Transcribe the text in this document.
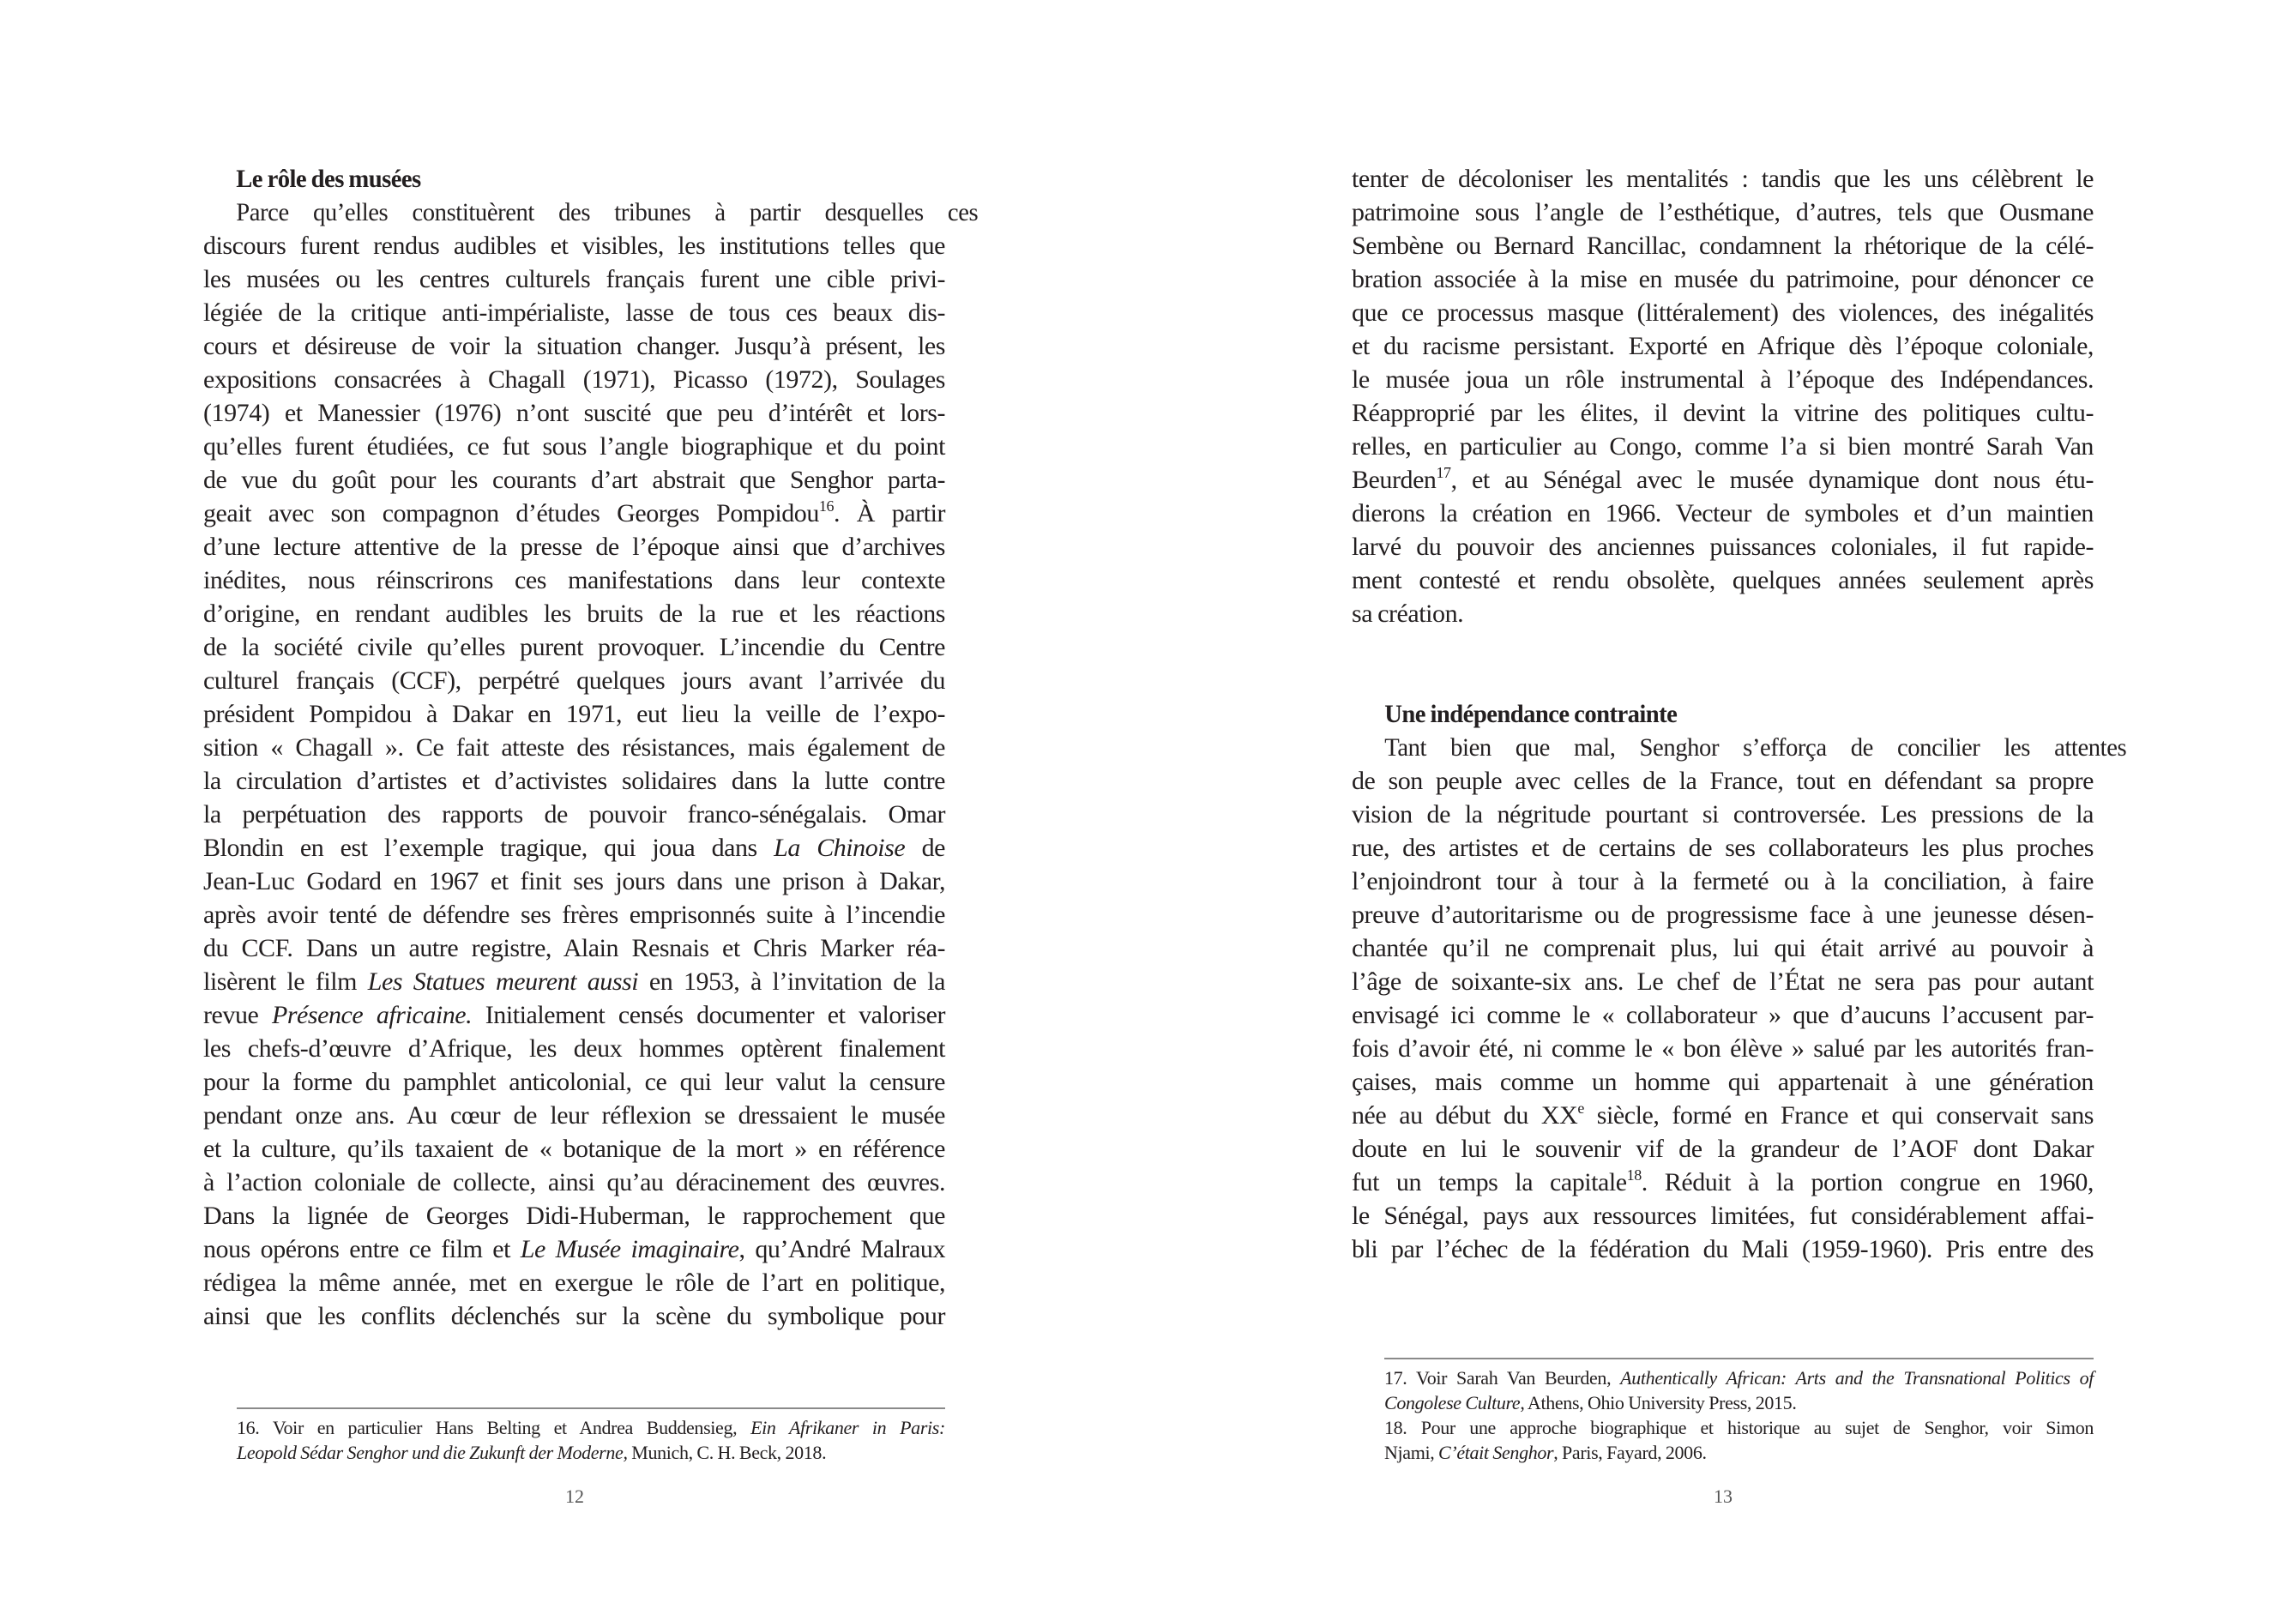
Le rôle des musées
Parce qu’elles constituèrent des tribunes à partir desquelles ces
discours furent rendus audibles et visibles, les institutions telles que
les musées ou les centres culturels français furent une cible privi-
légiée de la critique anti-impérialiste, lasse de tous ces beaux dis-
cours et désireuse de voir la situation changer. Jusqu’à présent, les
expositions consacrées à Chagall (1971), Picasso (1972), Soulages
(1974) et Manessier (1976) n’ont suscité que peu d’intérêt et lors-
qu’elles furent étudiées, ce fut sous l’angle biographique et du point
de vue du goût pour les courants d’art abstrait que Senghor parta-
geait avec son compagnon d’études Georges Pompidou$^{16}$. À partir
d’une lecture attentive de la presse de l’époque ainsi que d’archives
inédites, nous réinscrirons ces manifestations dans leur contexte
d’origine, en rendant audibles les bruits de la rue et les réactions
de la société civile qu’elles purent provoquer. L’incendie du Centre
culturel français (CCF), perpétré quelques jours avant l’arrivée du
président Pompidou à Dakar en 1971, eut lieu la veille de l’expo-
sition « Chagall ». Ce fait atteste des résistances, mais également de
la circulation d’artistes et d’activistes solidaires dans la lutte contre
la perpétuation des rapports de pouvoir franco-sénégalais. Omar
Blondin en est l’exemple tragique, qui joua dans La Chinoise de
Jean-Luc Godard en 1967 et finit ses jours dans une prison à Dakar,
après avoir tenté de défendre ses frères emprisonnés suite à l’incendie
du CCF. Dans un autre registre, Alain Resnais et Chris Marker réa-
lisèrent le film Les Statues meurent aussi en 1953, à l’invitation de la
revue Présence africaine. Initialement censés documenter et valoriser
les chefs-d’œuvre d’Afrique, les deux hommes optèrent finalement
pour la forme du pamphlet anticolonial, ce qui leur valut la censure
pendant onze ans. Au cœur de leur réflexion se dressaient le musée
et la culture, qu’ils taxaient de « botanique de la mort » en référence
à l’action coloniale de collecte, ainsi qu’au déracinement des œuvres.
Dans la lignée de Georges Didi-Huberman, le rapprochement que
nous opérons entre ce film et Le Musée imaginaire, qu’André Malraux
rédigea la même année, met en exergue le rôle de l’art en politique,
ainsi que les conflits déclenchés sur la scène du symbolique pour
16. Voir en particulier Hans Belting et Andrea Buddensieg, Ein Afrikaner in Paris:
Leopold Sédar Senghor und die Zukunft der Moderne, Munich, C. H. Beck, 2018.
12
tenter de décoloniser les mentalités : tandis que les uns célèbrent le
patrimoine sous l’angle de l’esthétique, d’autres, tels que Ousmane
Sembène ou Bernard Rancillac, condamnent la rhétorique de la célé-
bration associée à la mise en musée du patrimoine, pour dénoncer ce
que ce processus masque (littéralement) des violences, des inégalités
et du racisme persistant. Exporté en Afrique dès l’époque coloniale,
le musée joua un rôle instrumental à l’époque des Indépendances.
Réapproprié par les élites, il devint la vitrine des politiques cultu-
relles, en particulier au Congo, comme l’a si bien montré Sarah Van
Beurden$^{17}$, et au Sénégal avec le musée dynamique dont nous étu-
dierons la création en 1966. Vecteur de symboles et d’un maintien
larvé du pouvoir des anciennes puissances coloniales, il fut rapide-
ment contesté et rendu obsolète, quelques années seulement après
sa création.
Une indépendance contrainte
Tant bien que mal, Senghor s’efforça de concilier les attentes
de son peuple avec celles de la France, tout en défendant sa propre
vision de la négritude pourtant si controversée. Les pressions de la
rue, des artistes et de certains de ses collaborateurs les plus proches
l’enjoindront tour à tour à la fermeté ou à la conciliation, à faire
preuve d’autoritarisme ou de progressisme face à une jeunesse désen-
chantée qu’il ne comprenait plus, lui qui était arrivé au pouvoir à
l’âge de soixante-six ans. Le chef de l’État ne sera pas pour autant
envisagé ici comme le « collaborateur » que d’aucuns l’accusent par-
fois d’avoir été, ni comme le « bon élève » salué par les autorités fran-
çaises, mais comme un homme qui appartenait à une génération
née au début du XXe siècle, formé en France et qui conservait sans
doute en lui le souvenir vif de la grandeur de l’AOF dont Dakar
fut un temps la capitale$^{18}$. Réduit à la portion congrue en 1960,
le Sénégal, pays aux ressources limitées, fut considérablement affai-
bli par l’échec de la fédération du Mali (1959-1960). Pris entre des
17. Voir Sarah Van Beurden, Authentically African: Arts and the Transnational Politics of
Congolese Culture, Athens, Ohio University Press, 2015.
18. Pour une approche biographique et historique au sujet de Senghor, voir Simon
Njami, C’était Senghor, Paris, Fayard, 2006.
13
